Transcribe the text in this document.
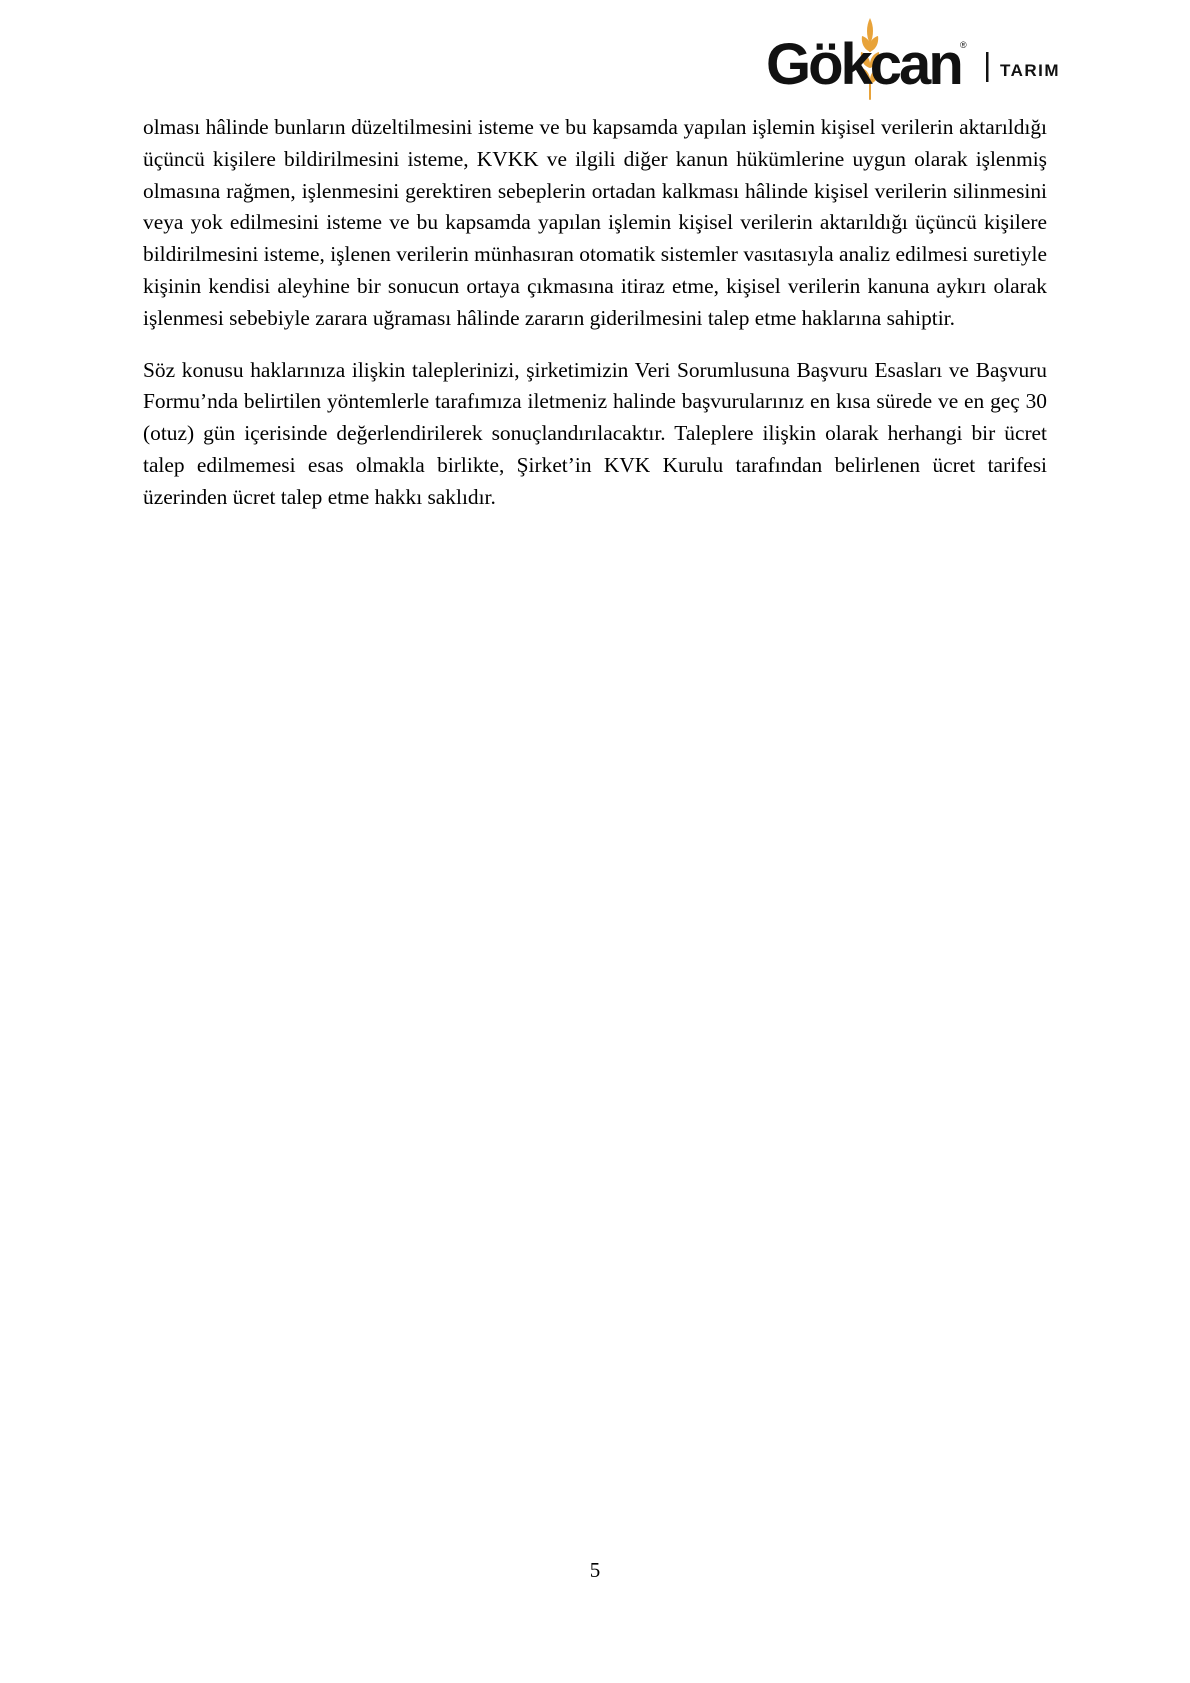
Gökcan ®
TARIM

olması hâlinde bunların düzeltilmesini isteme ve bu kapsamda yapılan işlemin kişisel verilerin aktarıldığı üçüncü kişilere bildirilmesini isteme, KVKK ve ilgili diğer kanun hükümlerine uygun olarak işlenmiş olmasına rağmen, işlenmesini gerektiren sebeplerin ortadan kalkması hâlinde kişisel verilerin silinmesini veya yok edilmesini isteme ve bu kapsamda yapılan işlemin kişisel verilerin aktarıldığı üçüncü kişilere bildirilmesini isteme, işlenen verilerin münhasıran otomatik sistemler vasıtasıyla analiz edilmesi suretiyle kişinin kendisi aleyhine bir sonucun ortaya çıkmasına itiraz etme, kişisel verilerin kanuna aykırı olarak işlenmesi sebebiyle zarara uğraması hâlinde zararın giderilmesini talep etme haklarına sahiptir.

Söz konusu haklarınıza ilişkin taleplerinizi, şirketimizin Veri Sorumlusuna Başvuru Esasları ve Başvuru Formu’nda belirtilen yöntemlerle tarafımıza iletmeniz halinde başvurularınız en kısa sürede ve en geç 30 (otuz) gün içerisinde değerlendirilerek sonuçlandırılacaktır. Taleplere ilişkin olarak herhangi bir ücret talep edilmemesi esas olmakla birlikte, Şirket’in KVK Kurulu tarafından belirlenen ücret tarifesi üzerinden ücret talep etme hakkı saklıdır.

5
